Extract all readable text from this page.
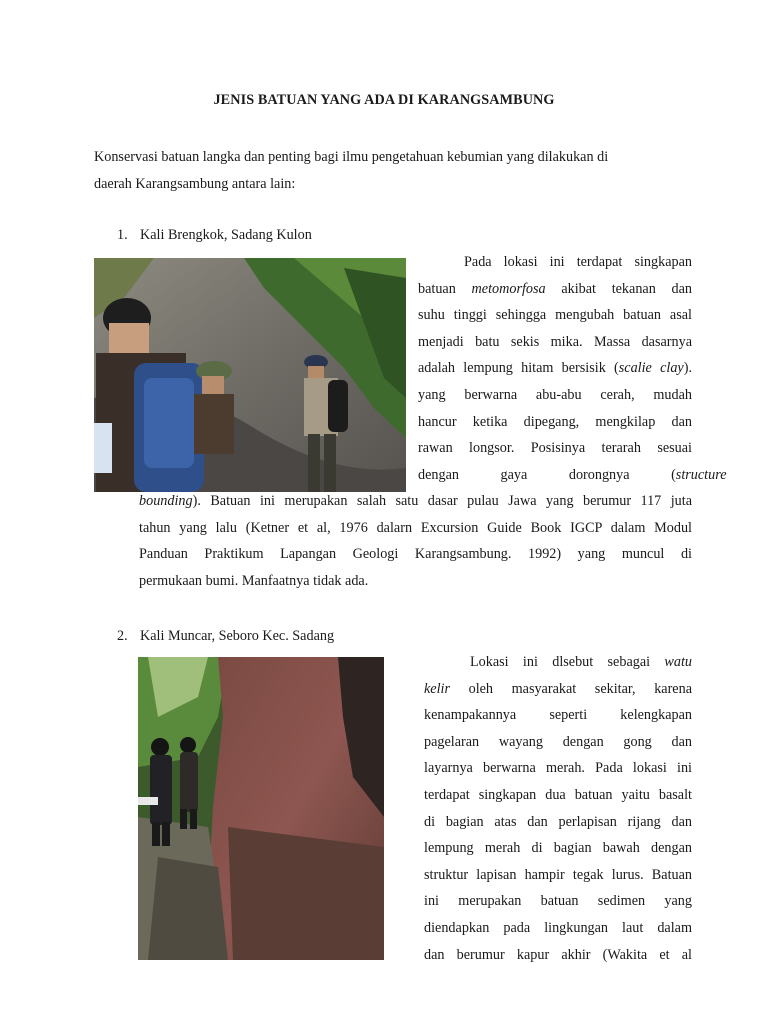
JENIS BATUAN YANG ADA DI KARANGSAMBUNG

Konservasi batuan langka dan penting bagi ilmu pengetahuan kebumian yang dilakukan di
daerah Karangsambung antara lain:

1. Kali Brengkok, Sadang Kulon
Pada lokasi ini terdapat singkapan
batuan metomorfosa akibat tekanan dan
suhu tinggi sehingga mengubah batuan asal
menjadi batu sekis mika. Massa dasarnya
adalah lempung hitam bersisik (scalie clay).
yang berwarna abu-abu cerah, mudah
hancur ketika dipegang, mengkilap dan
rawan longsor. Posisinya terarah sesuai
dengan gaya dorongnya (structure
bounding). Batuan ini merupakan salah satu dasar pulau Jawa yang berumur 117 juta
tahun yang lalu (Ketner et al, 1976 dalarn Excursion Guide Book IGCP dalam Modul
Panduan Praktikum Lapangan Geologi Karangsambung. 1992) yang muncul di
permukaan bumi. Manfaatnya tidak ada.
2. Kali Muncar, Seboro Kec. Sadang
Lokasi ini dlsebut sebagai watu
kelir oleh masyarakat sekitar, karena
kenampakannya seperti kelengkapan
pagelaran wayang dengan gong dan
layarnya berwarna merah. Pada lokasi ini
terdapat singkapan dua batuan yaitu basalt
di bagian atas dan perlapisan rijang dan
lempung merah di bagian bawah dengan
struktur lapisan hampir tegak lurus. Batuan
ini merupakan batuan sedimen yang
diendapkan pada lingkungan laut dalam
dan berumur kapur akhir (Wakita et al
